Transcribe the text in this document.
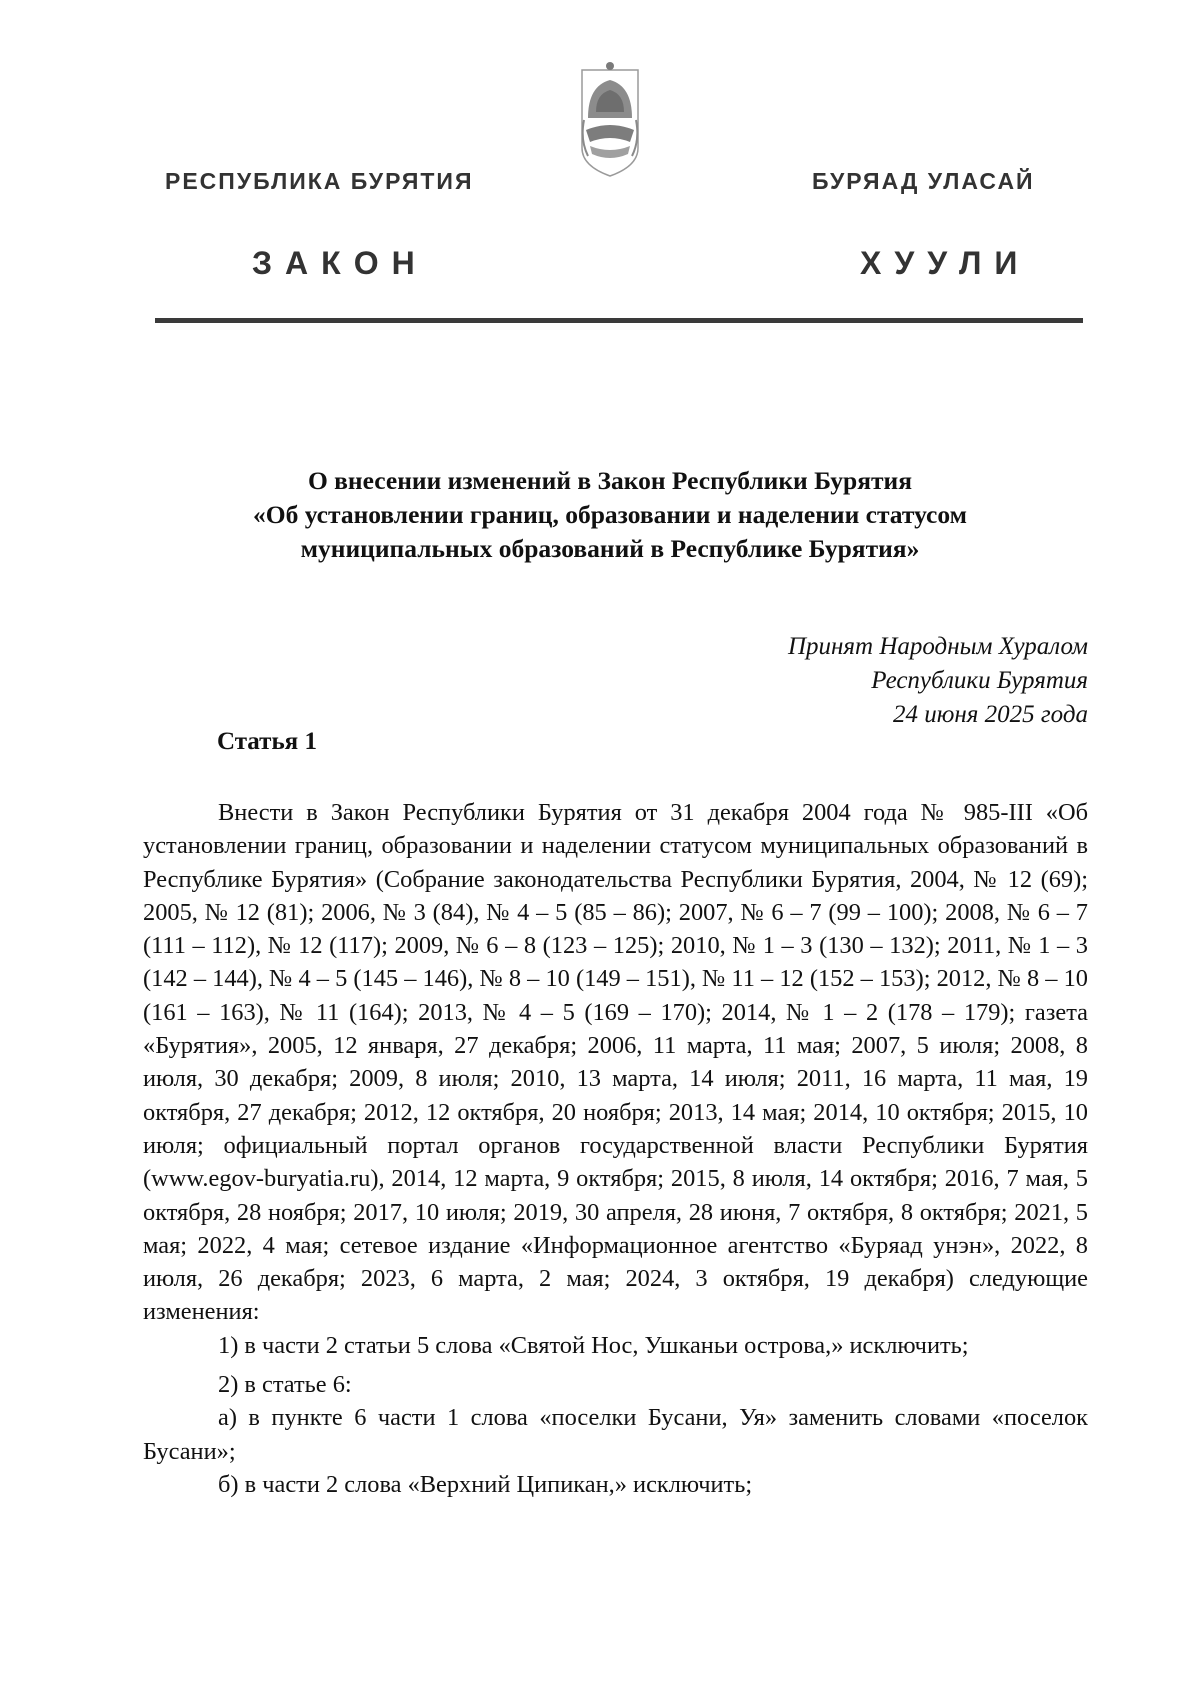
РЕСПУБЛИКА БУРЯТИЯ	БУРЯАД УЛАСАЙ
ЗАКОН	ХУУЛИ
О внесении изменений в Закон Республики Бурятия
«Об установлении границ, образовании и наделении статусом
муниципальных образований в Республике Бурятия»
Принят Народным Хуралом
Республики Бурятия
24 июня 2025 года
Статья 1

Внести в Закон Республики Бурятия от 31 декабря 2004 года № 985-III «Об установлении границ, образовании и наделении статусом муниципальных образований в Республике Бурятия» (Собрание законодательства Республики Бурятия, 2004, № 12 (69); 2005, № 12 (81); 2006, № 3 (84), № 4 – 5 (85 – 86); 2007, № 6 – 7 (99 – 100); 2008, № 6 – 7 (111 – 112), № 12 (117); 2009, № 6 – 8 (123 – 125); 2010, № 1 – 3 (130 – 132); 2011, № 1 – 3 (142 – 144), № 4 – 5 (145 – 146), № 8 – 10 (149 – 151), № 11 – 12 (152 – 153); 2012, № 8 – 10 (161 – 163), № 11 (164); 2013, № 4 – 5 (169 – 170); 2014, № 1 – 2 (178 – 179); газета «Бурятия», 2005, 12 января, 27 декабря; 2006, 11 марта, 11 мая; 2007, 5 июля; 2008, 8 июля, 30 декабря; 2009, 8 июля; 2010, 13 марта, 14 июля; 2011, 16 марта, 11 мая, 19 октября, 27 декабря; 2012, 12 октября, 20 ноября; 2013, 14 мая; 2014, 10 октября; 2015, 10 июля; официальный портал органов государственной власти Республики Бурятия (www.egov-buryatia.ru), 2014, 12 марта, 9 октября; 2015, 8 июля, 14 октября; 2016, 7 мая, 5 октября, 28 ноября; 2017, 10 июля; 2019, 30 апреля, 28 июня, 7 октября, 8 октября; 2021, 5 мая; 2022, 4 мая; сетевое издание «Информационное агентство «Буряад унэн», 2022, 8 июля, 26 декабря; 2023, 6 марта, 2 мая; 2024, 3 октября, 19 декабря) следующие изменения:

1) в части 2 статьи 5 слова «Святой Нос, Ушканьи острова,» исключить;

2) в статье 6:

а) в пункте 6 части 1 слова «поселки Бусани, Уя» заменить словами «поселок Бусани»;

б) в части 2 слова «Верхний Ципикан,» исключить;
